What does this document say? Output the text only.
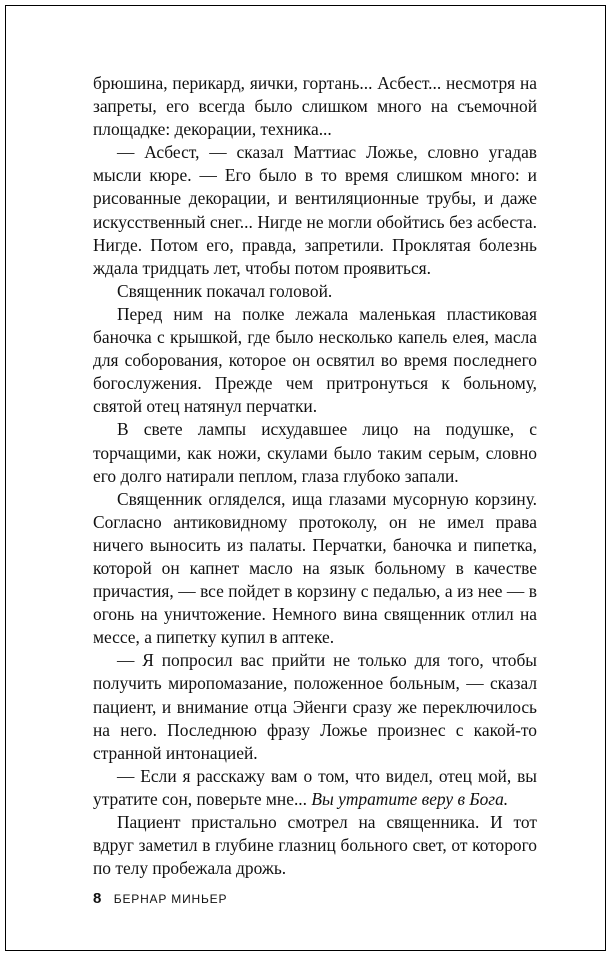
брюшина, перикард, яички, гортань... Асбест... несмотря на запреты, его всегда было слишком много на съемочной площадке: декорации, техника...

— Асбест, — сказал Маттиас Ложье, словно угадав мысли кюре. — Его было в то время слишком много: и рисованные декорации, и вентиляционные трубы, и даже искусственный снег... Нигде не могли обойтись без асбеста. Нигде. Потом его, правда, запретили. Проклятая болезнь ждала тридцать лет, чтобы потом проявиться.

Священник покачал головой.

Перед ним на полке лежала маленькая пластиковая баночка с крышкой, где было несколько капель елея, масла для соборования, которое он освятил во время последнего богослужения. Прежде чем притронуться к больному, святой отец натянул перчатки.

В свете лампы исхудавшее лицо на подушке, с торчащими, как ножи, скулами было таким серым, словно его долго натирали пеплом, глаза глубоко запали.

Священник огляделся, ища глазами мусорную корзину. Согласно антиковидному протоколу, он не имел права ничего выносить из палаты. Перчатки, баночка и пипетка, которой он капнет масло на язык больному в качестве причастия, — все пойдет в корзину с педалью, а из нее — в огонь на уничтожение. Немного вина священник отлил на мессе, а пипетку купил в аптеке.

— Я попросил вас прийти не только для того, чтобы получить миропомазание, положенное больным, — сказал пациент, и внимание отца Эйенги сразу же переключилось на него. Последнюю фразу Ложье произнес с какой-то странной интонацией.

— Если я расскажу вам о том, что видел, отец мой, вы утратите сон, поверьте мне... Вы утратите веру в Бога.

Пациент пристально смотрел на священника. И тот вдруг заметил в глубине глазниц больного свет, от которого по телу пробежала дрожь.

8 БЕРНАР МИНЬЕР
